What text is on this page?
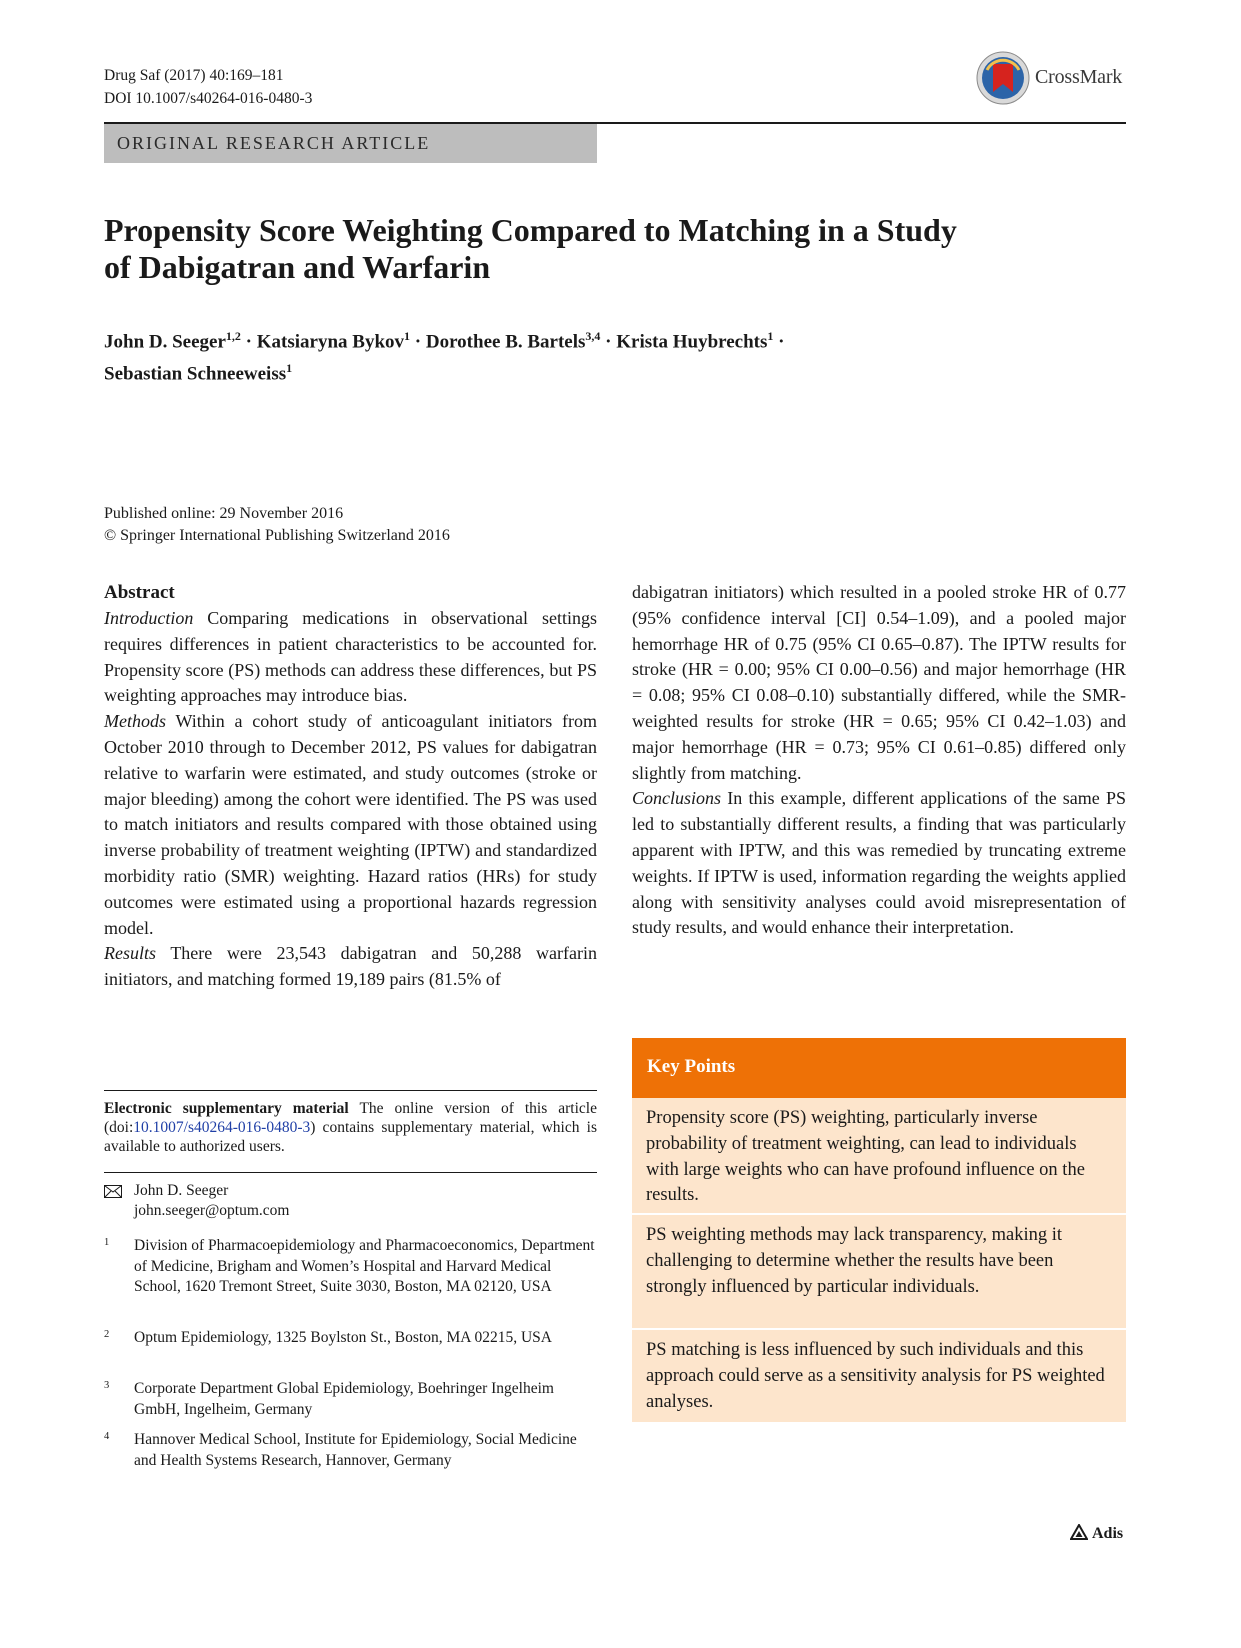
Drug Saf (2017) 40:169–181
DOI 10.1007/s40264-016-0480-3
CrossMark
ORIGINAL RESEARCH ARTICLE
Propensity Score Weighting Compared to Matching in a Study
of Dabigatran and Warfarin
John D. Seeger$^{1,2}$ · Katsiaryna Bykov$^1$ · Dorothee B. Bartels$^{3,4}$ · Krista Huybrechts$^1$ ·
Sebastian Schneeweiss$^1$
Published online: 29 November 2016
© Springer International Publishing Switzerland 2016
Abstract

Introduction Comparing medications in observational settings requires differences in patient characteristics to be accounted for. Propensity score (PS) methods can address these differences, but PS weighting approaches may introduce bias.

Methods Within a cohort study of anticoagulant initiators from October 2010 through to December 2012, PS values for dabigatran relative to warfarin were estimated, and study outcomes (stroke or major bleeding) among the cohort were identified. The PS was used to match initiators and results compared with those obtained using inverse probability of treatment weighting (IPTW) and standardized morbidity ratio (SMR) weighting. Hazard ratios (HRs) for study outcomes were estimated using a proportional hazards regression model.

Results There were 23,543 dabigatran and 50,288 warfarin initiators, and matching formed 19,189 pairs (81.5% of

dabigatran initiators) which resulted in a pooled stroke HR of 0.77 (95% confidence interval [CI] 0.54–1.09), and a pooled major hemorrhage HR of 0.75 (95% CI 0.65–0.87). The IPTW results for stroke (HR = 0.00; 95% CI 0.00–0.56) and major hemorrhage (HR = 0.08; 95% CI 0.08–0.10) substantially differed, while the SMR-weighted results for stroke (HR = 0.65; 95% CI 0.42–1.03) and major hemorrhage (HR = 0.73; 95% CI 0.61–0.85) differed only slightly from matching.

Conclusions In this example, different applications of the same PS led to substantially different results, a finding that was particularly apparent with IPTW, and this was remedied by truncating extreme weights. If IPTW is used, information regarding the weights applied along with sensitivity analyses could avoid misrepresentation of study results, and would enhance their interpretation.

Electronic supplementary material The online version of this article (doi:10.1007/s40264-016-0480-3) contains supplementary material, which is available to authorized users.
John D. Seeger
john.seeger@optum.com
1 Division of Pharmacoepidemiology and Pharmacoeconomics, Department of Medicine, Brigham and Women’s Hospital and Harvard Medical School, 1620 Tremont Street, Suite 3030, Boston, MA 02120, USA
2 Optum Epidemiology, 1325 Boylston St., Boston, MA 02215, USA
3 Corporate Department Global Epidemiology, Boehringer Ingelheim GmbH, Ingelheim, Germany
4 Hannover Medical School, Institute for Epidemiology, Social Medicine and Health Systems Research, Hannover, Germany
Key Points
Propensity score (PS) weighting, particularly inverse probability of treatment weighting, can lead to individuals with large weights who can have profound influence on the results.
PS weighting methods may lack transparency, making it challenging to determine whether the results have been strongly influenced by particular individuals.
PS matching is less influenced by such individuals and this approach could serve as a sensitivity analysis for PS weighted analyses.
Adis
